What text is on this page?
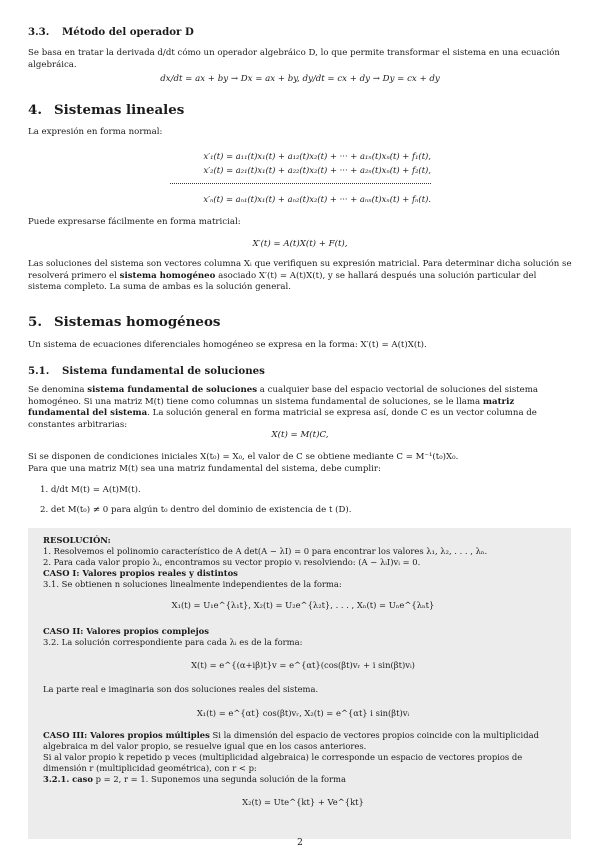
3.3. Método del operador D

Se basa en tratar la derivada d/dt cómo un operador algebráico D, lo que permite transformar el sistema en una ecuación algebráica.

dx/dt = ax + by → Dx = ax + by, dy/dt = cx + dy → Dy = cx + dy

4. Sistemas lineales

La expresión en forma normal:

x′₁(t) = a₁₁(t)x₁(t) + a₁₂(t)x₂(t) + ··· + a₁ₙ(t)xₙ(t) + f₁(t),

x′₂(t) = a₂₁(t)x₁(t) + a₂₂(t)x₂(t) + ··· + a₂ₙ(t)xₙ(t) + f₂(t),

x′ₙ(t) = aₙ₁(t)x₁(t) + aₙ₂(t)x₂(t) + ··· + aₙₙ(t)xₙ(t) + fₙ(t).

Puede expresarse fácilmente en forma matricial:

X′(t) = A(t)X(t) + F(t),

Las soluciones del sistema son vectores columna Xᵢ que verifiquen su expresión matricial. Para determinar dicha solución se resolverá primero el sistema homogéneo asociado X′(t) = A(t)X(t), y se hallará después una solución particular del sistema completo. La suma de ambas es la solución general.

5. Sistemas homogéneos

Un sistema de ecuaciones diferenciales homogéneo se expresa en la forma: X′(t) = A(t)X(t).

5.1. Sistema fundamental de soluciones

Se denomina sistema fundamental de soluciones a cualquier base del espacio vectorial de soluciones del sistema homogéneo. Si una matriz M(t) tiene como columnas un sistema fundamental de soluciones, se le llama matriz fundamental del sistema. La solución general en forma matricial se expresa así, donde C es un vector columna de constantes arbitrarias:

X(t) = M(t)C,

Si se disponen de condiciones iniciales X(t₀) = X₀, el valor de C se obtiene mediante C = M⁻¹(t₀)X₀.

Para que una matriz M(t) sea una matriz fundamental del sistema, debe cumplir:

1. d/dt M(t) = A(t)M(t).

2. det M(t₀) ≠ 0 para algún t₀ dentro del dominio de existencia de t (D).

RESOLUCIÓN:

1. Resolvemos el polinomio característico de A det(A − λI) = 0 para encontrar los valores λ₁, λ₂, . . . , λₙ.

2. Para cada valor propio λᵢ, encontramos su vector propio vᵢ resolviendo: (A − λᵢI)vᵢ = 0.

CASO I: Valores propios reales y distintos

3.1. Se obtienen n soluciones linealmente independientes de la forma:

X₁(t) = U₁e^{λ₁t}, X₂(t) = U₂e^{λ₂t}, . . . , Xₙ(t) = Uₙe^{λₙt}

CASO II: Valores propios complejos

3.2. La solución correspondiente para cada λᵢ es de la forma:

X(t) = e^{(α+iβ)t}v = e^{αt}(cos(βt)vᵣ + i sin(βt)vᵢ)

La parte real e imaginaria son dos soluciones reales del sistema.

X₁(t) = e^{αt} cos(βt)vᵣ, X₂(t) = e^{αt} i sin(βt)vᵢ

CASO III: Valores propios múltiples Si la dimensión del espacio de vectores propios coincide con la multiplicidad algebraica m del valor propio, se resuelve igual que en los casos anteriores.

Si al valor propio k repetido p veces (multiplicidad algebraica) le corresponde un espacio de vectores propios de dimensión r (multiplicidad geométrica), con r < p:

3.2.1. caso p = 2, r = 1. Suponemos una segunda solución de la forma

X₂(t) = Ute^{kt} + Ve^{kt}

2
